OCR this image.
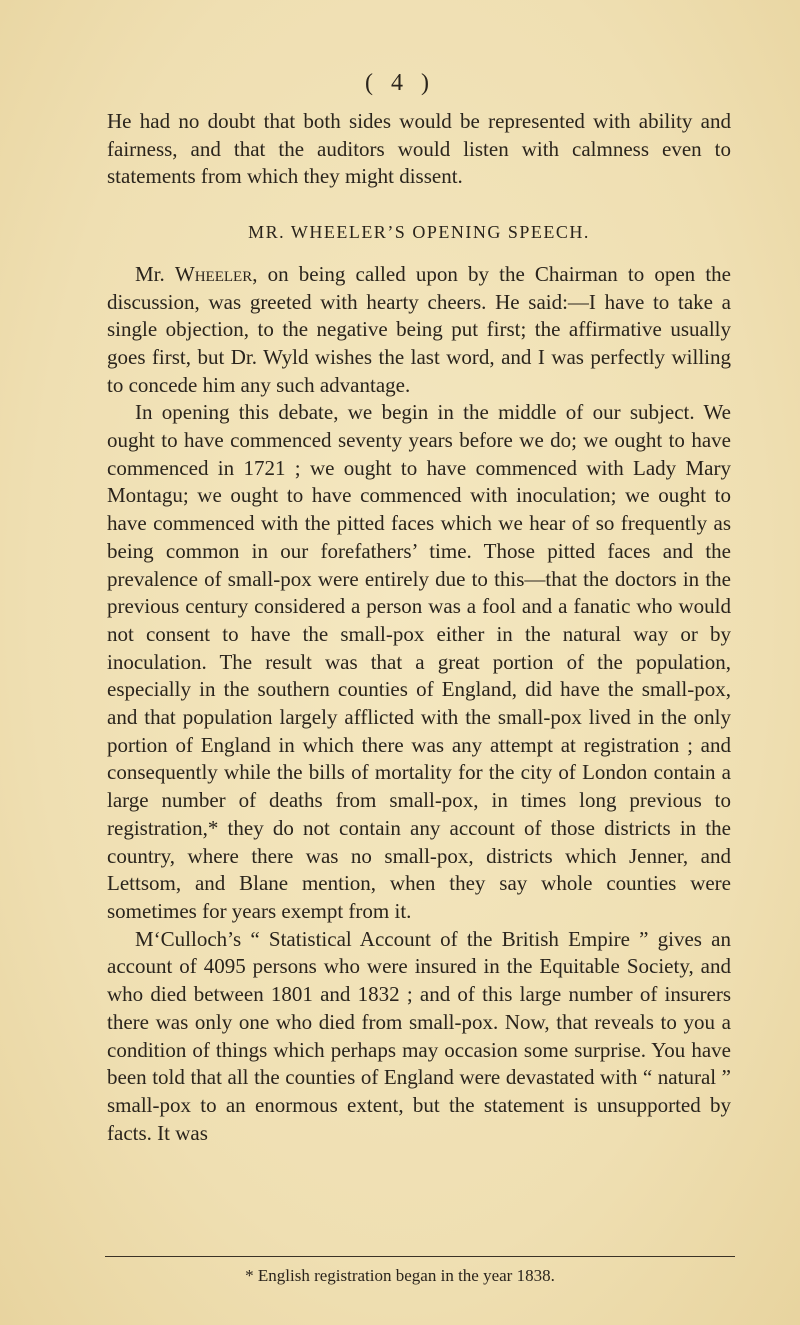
( 4 )

He had no doubt that both sides would be represented with ability and fairness, and that the auditors would listen with calmness even to statements from which they might dissent.

MR. WHEELER’S OPENING SPEECH.

Mr. Wheeler, on being called upon by the Chairman to open the discussion, was greeted with hearty cheers. He said:—I have to take a single objection, to the negative being put first; the affirmative usually goes first, but Dr. Wyld wishes the last word, and I was perfectly willing to concede him any such advantage.

In opening this debate, we begin in the middle of our subject. We ought to have commenced seventy years before we do; we ought to have commenced in 1721 ; we ought to have commenced with Lady Mary Montagu; we ought to have commenced with inoculation; we ought to have commenced with the pitted faces which we hear of so frequently as being common in our forefathers’ time. Those pitted faces and the prevalence of small-pox were entirely due to this—that the doctors in the previous century considered a person was a fool and a fanatic who would not consent to have the small-pox either in the natural way or by inoculation. The result was that a great portion of the population, especially in the southern counties of England, did have the small-pox, and that population largely afflicted with the small-pox lived in the only portion of England in which there was any attempt at registration ; and consequently while the bills of mortality for the city of London contain a large number of deaths from small-pox, in times long previous to registration,* they do not contain any account of those districts in the country, where there was no small-pox, districts which Jenner, and Lettsom, and Blane mention, when they say whole counties were sometimes for years exempt from it.

M‘Culloch’s “ Statistical Account of the British Empire ” gives an account of 4095 persons who were insured in the Equitable Society, and who died between 1801 and 1832 ; and of this large number of insurers there was only one who died from small-pox. Now, that reveals to you a condition of things which perhaps may occasion some surprise. You have been told that all the counties of England were devastated with “ natural ” small-pox to an enormous extent, but the statement is unsupported by facts. It was

* English registration began in the year 1838.
